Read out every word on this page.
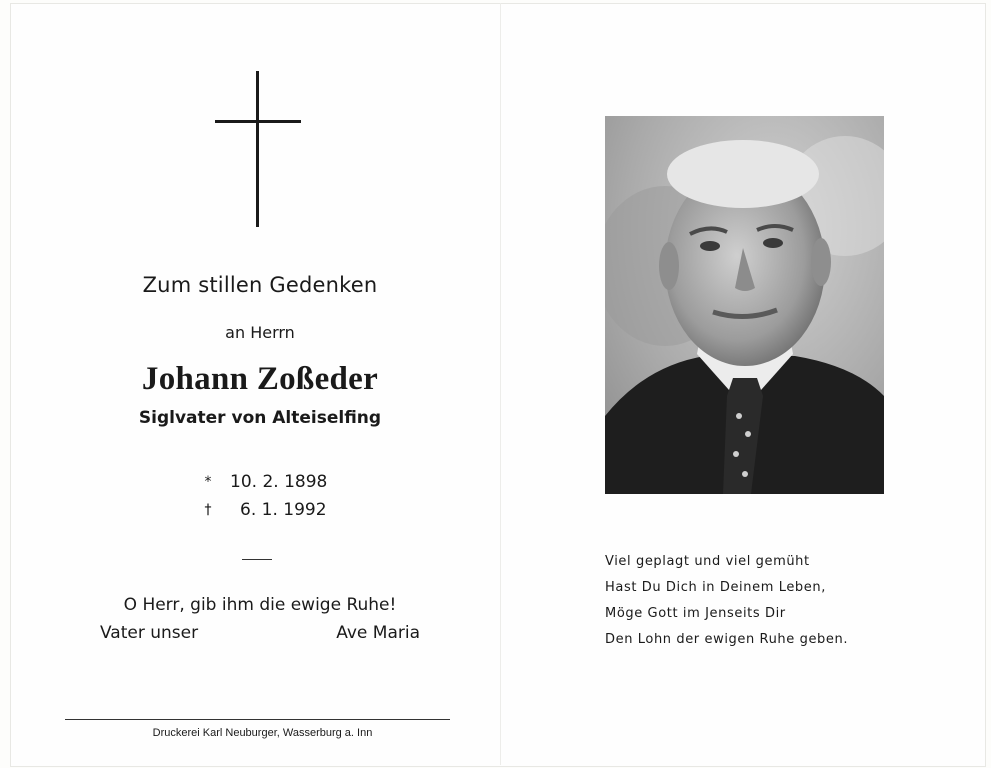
Zum stillen Gedenken
an Herrn
Johann Zoßeder
Siglvater von Alteiselfing
*	10. 2. 1898
†	6. 1. 1992
O Herr, gib ihm die ewige Ruhe!
Vater unser	Ave Maria
Druckerei Karl Neuburger, Wasserburg a. Inn
Viel geplagt und viel gemüht
Hast Du Dich in Deinem Leben,
Möge Gott im Jenseits Dir
Den Lohn der ewigen Ruhe geben.
